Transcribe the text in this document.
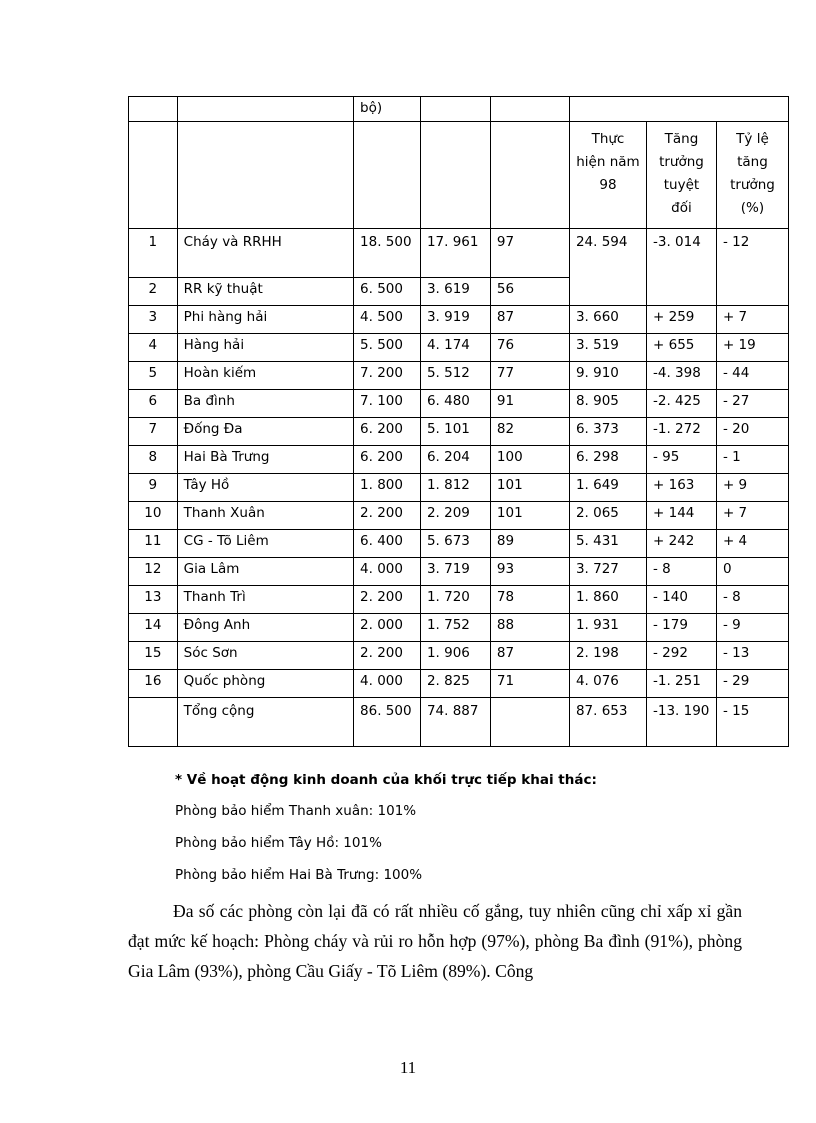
		bộ)					
					Thực hiện năm 98	Tăng trưởng tuyệt đối	Tỷ lệ tăng trưởng (%)
1	Cháy và RRHH	18. 500	17. 961	97	24. 594	-3. 014	- 12
2	RR kỹ thuật	6. 500	3. 619	56			
3	Phi hàng hải	4. 500	3. 919	87	3. 660	+ 259	+ 7
4	Hàng hải	5. 500	4. 174	76	3. 519	+ 655	+ 19
5	Hoàn kiếm	7. 200	5. 512	77	9. 910	-4. 398	- 44
6	Ba đình	7. 100	6. 480	91	8. 905	-2. 425	- 27
7	Đống Đa	6. 200	5. 101	82	6. 373	-1. 272	- 20
8	Hai Bà Trưng	6. 200	6. 204	100	6. 298	- 95	- 1
9	Tây Hồ	1. 800	1. 812	101	1. 649	+ 163	+ 9
10	Thanh Xuân	2. 200	2. 209	101	2. 065	+ 144	+ 7
11	CG - Tõ Liêm	6. 400	5. 673	89	5. 431	+ 242	+ 4
12	Gia Lâm	4. 000	3. 719	93	3. 727	- 8	0
13	Thanh Trì	2. 200	1. 720	78	1. 860	- 140	- 8
14	Đông Anh	2. 000	1. 752	88	1. 931	- 179	- 9
15	Sóc Sơn	2. 200	1. 906	87	2. 198	- 292	- 13
16	Quốc phòng	4. 000	2. 825	71	4. 076	-1. 251	- 29
	Tổng cộng	86. 500	74. 887		87. 653	-13. 190	- 15
* Về hoạt động kinh doanh của khối trực tiếp khai thác:
Phòng bảo hiểm Thanh xuân: 101%
Phòng bảo hiểm Tây Hồ: 101%
Phòng bảo hiểm Hai Bà Trưng: 100%
Đa số các phòng còn lại đã có rất nhiều cố gắng, tuy nhiên cũng chỉ xấp xỉ gần đạt mức kế hoạch: Phòng cháy và rủi ro hỗn hợp (97%), phòng Ba đình (91%), phòng Gia Lâm (93%), phòng Cầu Giấy - Tõ Liêm (89%). Công
11
